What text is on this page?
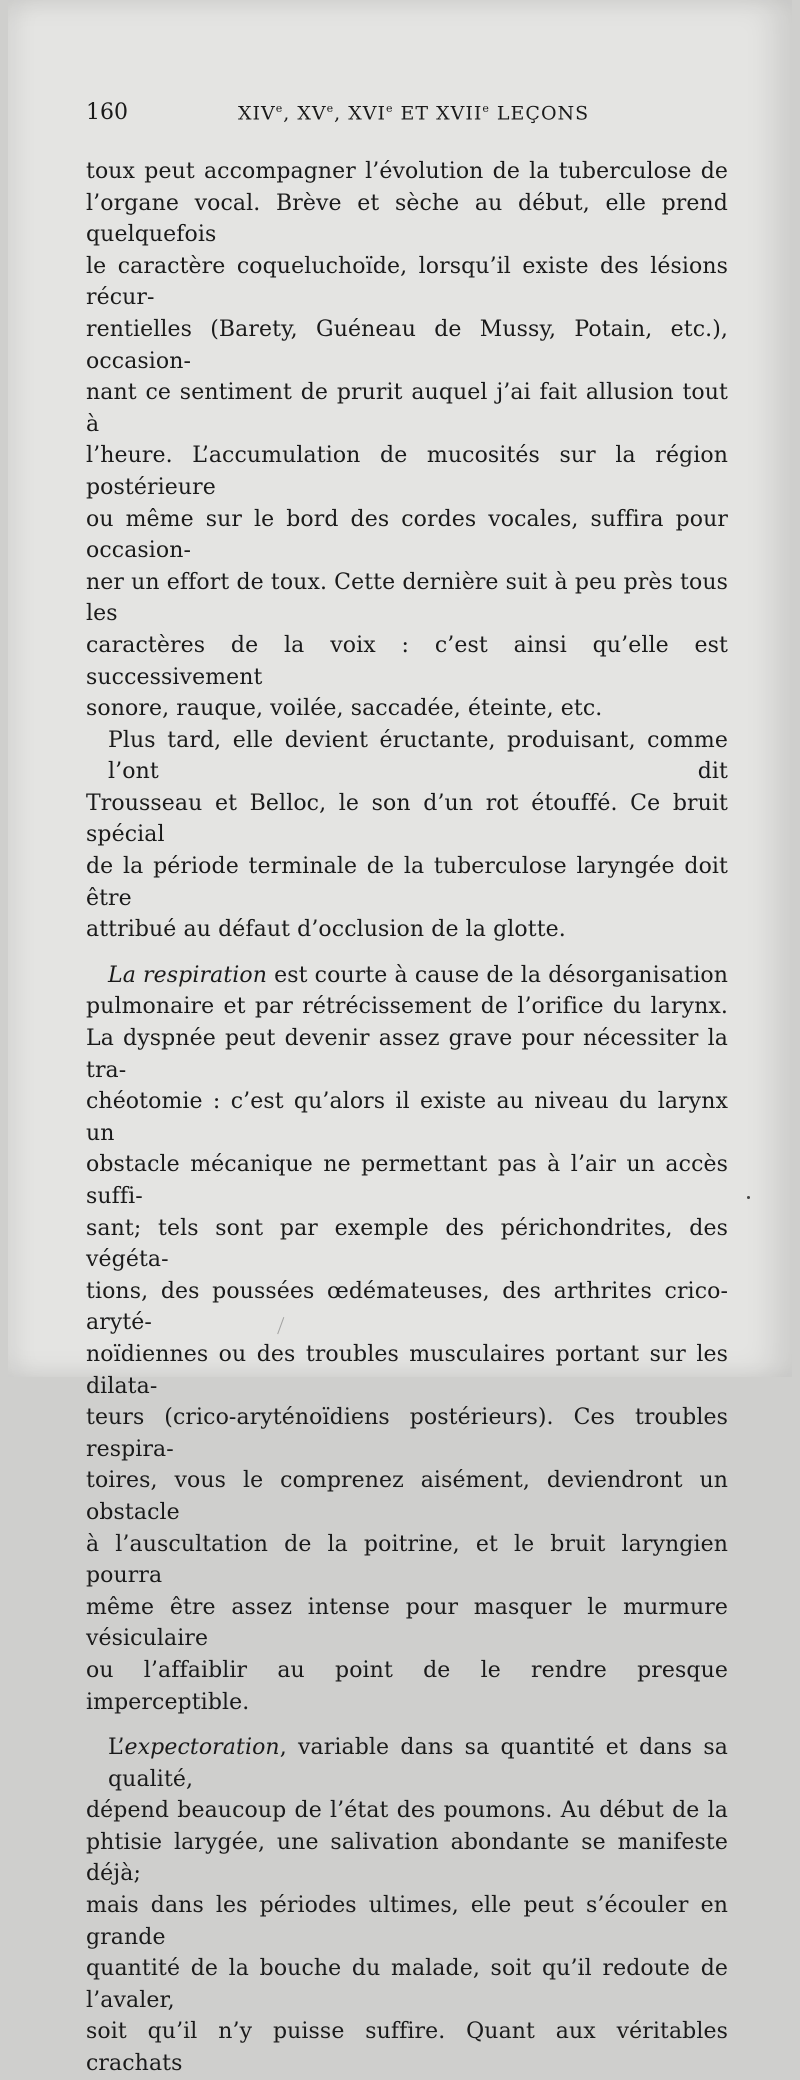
160	XIVe, XVe, XVIe ET XVIIe LEÇONS
toux peut accompagner l’évolution de la tuberculose de
l’organe vocal. Brève et sèche au début, elle prend quelquefois
le caractère coqueluchoïde, lorsqu’il existe des lésions récur-
rentielles (Barety, Guéneau de Mussy, Potain, etc.), occasion-
nant ce sentiment de prurit auquel j’ai fait allusion tout à
l’heure. L’accumulation de mucosités sur la région postérieure
ou même sur le bord des cordes vocales, suffira pour occasion-
ner un effort de toux. Cette dernière suit à peu près tous les
caractères de la voix : c’est ainsi qu’elle est successivement
sonore, rauque, voilée, saccadée, éteinte, etc.
Plus tard, elle devient éructante, produisant, comme l’ont dit
Trousseau et Belloc, le son d’un rot étouffé. Ce bruit spécial
de la période terminale de la tuberculose laryngée doit être
attribué au défaut d’occlusion de la glotte.
La respiration est courte à cause de la désorganisation
pulmonaire et par rétrécissement de l’orifice du larynx.
La dyspnée peut devenir assez grave pour nécessiter la tra-
chéotomie : c’est qu’alors il existe au niveau du larynx un
obstacle mécanique ne permettant pas à l’air un accès suffi-
sant; tels sont par exemple des périchondrites, des végéta-
tions, des poussées œdémateuses, des arthrites crico-aryté-
noïdiennes ou des troubles musculaires portant sur les dilata-
teurs (crico-aryténoïdiens postérieurs). Ces troubles respira-
toires, vous le comprenez aisément, deviendront un obstacle
à l’auscultation de la poitrine, et le bruit laryngien pourra
même être assez intense pour masquer le murmure vésiculaire
ou l’affaiblir au point de le rendre presque imperceptible.
L’expectoration, variable dans sa quantité et dans sa qualité,
dépend beaucoup de l’état des poumons. Au début de la
phtisie larygée, une salivation abondante se manifeste déjà;
mais dans les périodes ultimes, elle peut s’écouler en grande
quantité de la bouche du malade, soit qu’il redoute de l’avaler,
soit qu’il n’y puisse suffire. Quant aux véritables crachats
